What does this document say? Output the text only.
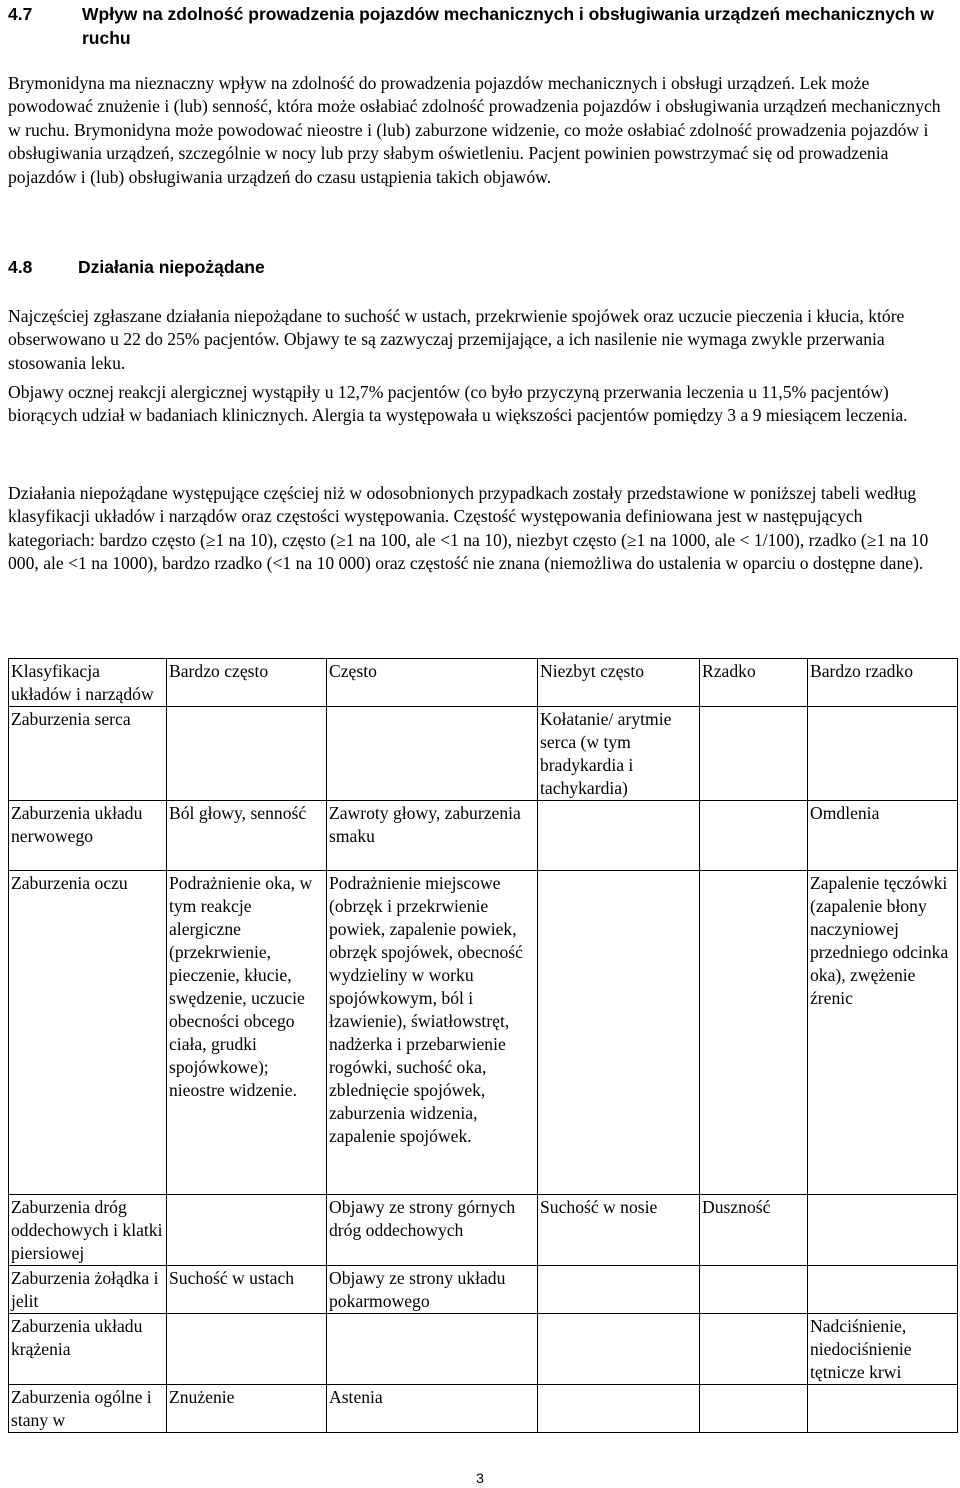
4.7	Wpływ na zdolność prowadzenia pojazdów mechanicznych i obsługiwania urządzeń mechanicznych w ruchu
Brymonidyna ma nieznaczny wpływ na zdolność do prowadzenia pojazdów mechanicznych i obsługi urządzeń. Lek może powodować znużenie i (lub) senność, która może osłabiać zdolność prowadzenia pojazdów i obsługiwania urządzeń mechanicznych w ruchu. Brymonidyna może powodować nieostre i (lub) zaburzone widzenie, co może osłabiać zdolność prowadzenia pojazdów i obsługiwania urządzeń, szczególnie w nocy lub przy słabym oświetleniu. Pacjent powinien powstrzymać się od prowadzenia pojazdów i (lub) obsługiwania urządzeń do czasu ustąpienia takich objawów.
4.8	Działania niepożądane
Najczęściej zgłaszane działania niepożądane to suchość w ustach, przekrwienie spojówek oraz uczucie pieczenia i kłucia, które obserwowano u 22 do 25% pacjentów. Objawy te są zazwyczaj przemijające, a ich nasilenie nie wymaga zwykle przerwania stosowania leku.
Objawy ocznej reakcji alergicznej wystąpiły u 12,7% pacjentów (co było przyczyną przerwania leczenia u 11,5% pacjentów) biorących udział w badaniach klinicznych. Alergia ta występowała u większości pacjentów pomiędzy 3 a 9 miesiącem leczenia.
Działania niepożądane występujące częściej niż w odosobnionych przypadkach zostały przedstawione w poniższej tabeli według klasyfikacji układów i narządów oraz częstości występowania. Częstość występowania definiowana jest w następujących kategoriach: bardzo często (≥1 na 10), często (≥1 na 100, ale <1 na 10), niezbyt często (≥1 na 1000, ale < 1/100), rzadko (≥1 na 10 000, ale <1 na 1000), bardzo rzadko (<1 na 10 000) oraz częstość nie znana (niemożliwa do ustalenia w oparciu o dostępne dane).
Klasyfikacja układów i narządów	Bardzo często	Często	Niezbyt często	Rzadko	Bardzo rzadko
Zaburzenia serca			Kołatanie/ arytmie serca (w tym bradykardia i tachykardia)		
Zaburzenia układu nerwowego	Ból głowy, senność	Zawroty głowy, zaburzenia smaku			Omdlenia
Zaburzenia oczu	Podrażnienie oka, w tym reakcje alergiczne (przekrwienie, pieczenie, kłucie, swędzenie, uczucie obecności obcego ciała, grudki spojówkowe); nieostre widzenie.	Podrażnienie miejscowe (obrzęk i przekrwienie powiek, zapalenie powiek, obrzęk spojówek, obecność wydzieliny w worku spojówkowym, ból i łzawienie), światłowstręt, nadżerka i przebarwienie rogówki, suchość oka, zblednięcie spojówek, zaburzenia widzenia, zapalenie spojówek.			Zapalenie tęczówki (zapalenie błony naczyniowej przedniego odcinka oka), zwężenie źrenic
Zaburzenia dróg oddechowych i klatki piersiowej		Objawy ze strony górnych dróg oddechowych	Suchość w nosie	Duszność	
Zaburzenia żołądka i jelit	Suchość w ustach	Objawy ze strony układu pokarmowego			
Zaburzenia układu krążenia					Nadciśnienie, niedociśnienie tętnicze krwi
Zaburzenia ogólne i stany w	Znużenie	Astenia			
3
